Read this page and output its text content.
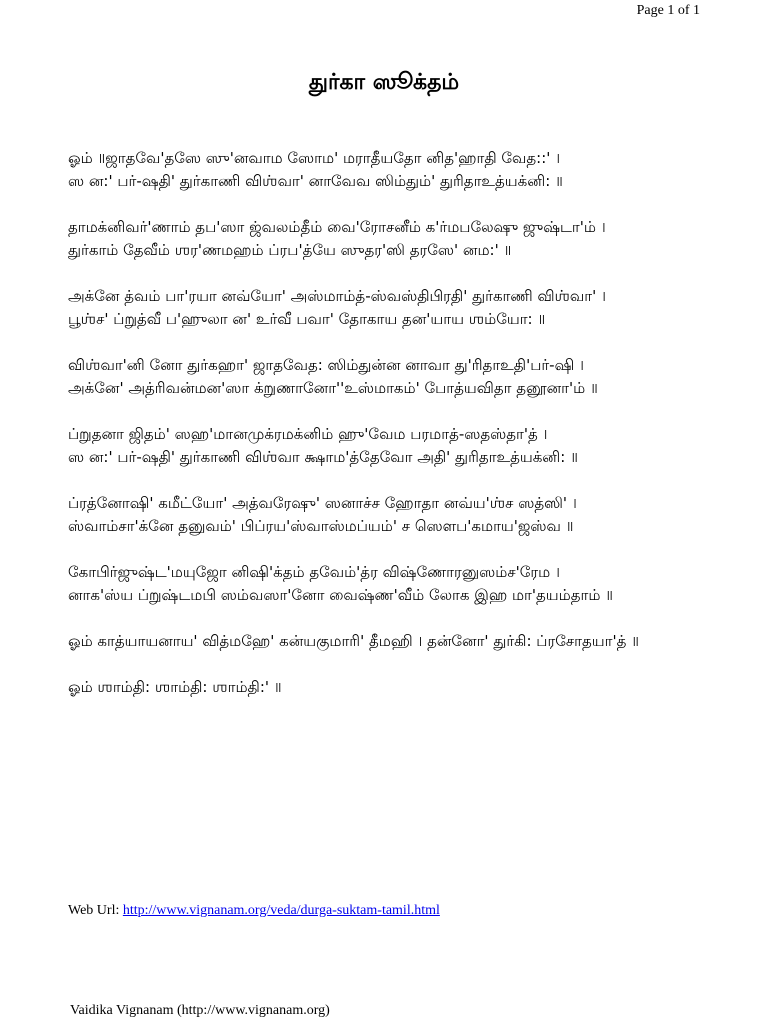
Page 1 of 1
துர்கா ஸூக்தம்
ஓம் ॥ஜாதவே'தஸே ஸு'னவாம ஸோம' மராதீயதோ னித'ஹாதி வேத::' ।
ஸ ன:' பர்-ஷதி' துர்காணி விஶ்வா' னாவேவ ஸிம்தும்' துரிதாஉத்யக்னி: ॥
தாமக்னிவர்'ணாம் தப'ஸா ஜ்வலம்தீம் வை'ரோசனீம் க'ர்மபலேஷு ஜுஷ்டா'ம் ।
துர்காம் தேவீம் ஶர'ணமஹம் ப்ரப'த்யே ஸுதர'ஸி தரஸே' னம:' ॥
அக்னே த்வம் பா'ரயா னவ்யோ' அஸ்மாம்த்-ஸ்வஸ்திபிரதி' துர்காணி விஶ்வா' ।
பூஶ்ச' ப்றுத்வீ ப'ஹுலா ன' உர்வீ பவா' தோகாய தன'யாய ஶம்யோ: ॥
விஶ்வா'னி னோ துர்கஹா' ஜாதவேத: ஸிம்துன்ன னாவா து'ரிதாஉதி'பர்-ஷி ।
அக்னே' அத்ரிவன்மன'ஸா க்றுணானோ''உஸ்மாகம்' போத்யவிதா தனூனா'ம் ॥
ப்றுதனா ஜிதம்' ஸஹ'மானமுக்ரமக்னிம் ஹு'வேம பரமாத்-ஸதஸ்தா'த் ।
ஸ ன:' பர்-ஷதி' துர்காணி விஶ்வா க்ஷாம'த்தேவோ அதி' துரிதாஉத்யக்னி: ॥
ப்ரத்னோஷி' கமீட்யோ' அத்வரேஷு' ஸனாச்ச ஹோதா னவ்ய'ஶ்ச ஸத்ஸி' ।
ஸ்வாம்சா'க்னே தனுவம்' பிப்ரய'ஸ்வாஸ்மப்யம்' ச ஸௌப'கமாய'ஜஸ்வ ॥
கோபிர்ஜுஷ்ட'மயுஜோ னிஷி'க்தம் தவேம்'த்ர விஷ்ணோரனுஸம்ச'ரேம ।
னாக'ஸ்ய ப்றுஷ்டமபி ஸம்வஸா'னோ வைஷ்ண'வீம் லோக இஹ மா'தயம்தாம் ॥
ஓம் காத்யாயனாய' வித்மஹே' கன்யகுமாரி' தீமஹி । தன்னோ' துர்கி: ப்ரசோதயா'த் ॥
ஓம் ஶாம்தி: ஶாம்தி: ஶாம்தி:' ॥
Web Url: http://www.vignanam.org/veda/durga-suktam-tamil.html
Vaidika Vignanam (http://www.vignanam.org)
